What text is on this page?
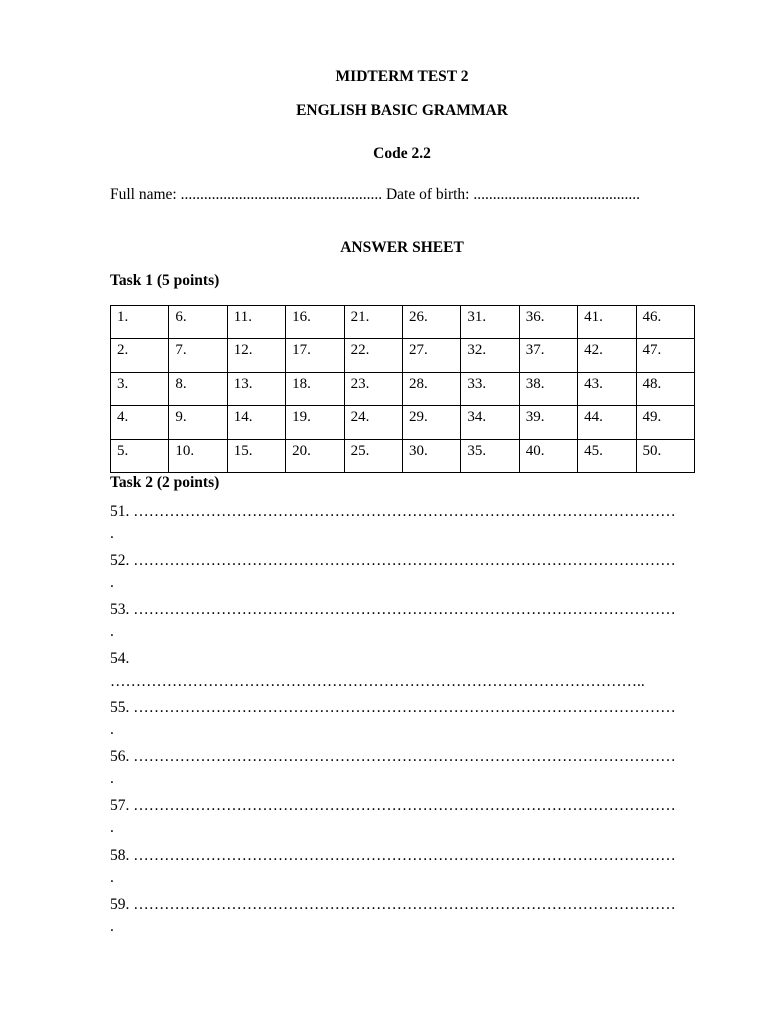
MIDTERM TEST 2
ENGLISH BASIC GRAMMAR
Code 2.2
Full name: .................................................... Date of birth: ...........................................
ANSWER SHEET
Task 1 (5 points)
1.	6.	11.	16.	21.	26.	31.	36.	41.	46.
2.	7.	12.	17.	22.	27.	32.	37.	42.	47.
3.	8.	13.	18.	23.	28.	33.	38.	43.	48.
4.	9.	14.	19.	24.	29.	34.	39.	44.	49.
5.	10.	15.	20.	25.	30.	35.	40.	45.	50.
Task 2 (2 points)
51. ……………………………………………………………………………………………
.
52. ……………………………………………………………………………………………
.
53. ……………………………………………………………………………………………
.
54.
…………………………………………………………………………………………..
55. ……………………………………………………………………………………………
.
56. ……………………………………………………………………………………………
.
57. ……………………………………………………………………………………………
.
58. ……………………………………………………………………………………………
.
59. ……………………………………………………………………………………………
.
